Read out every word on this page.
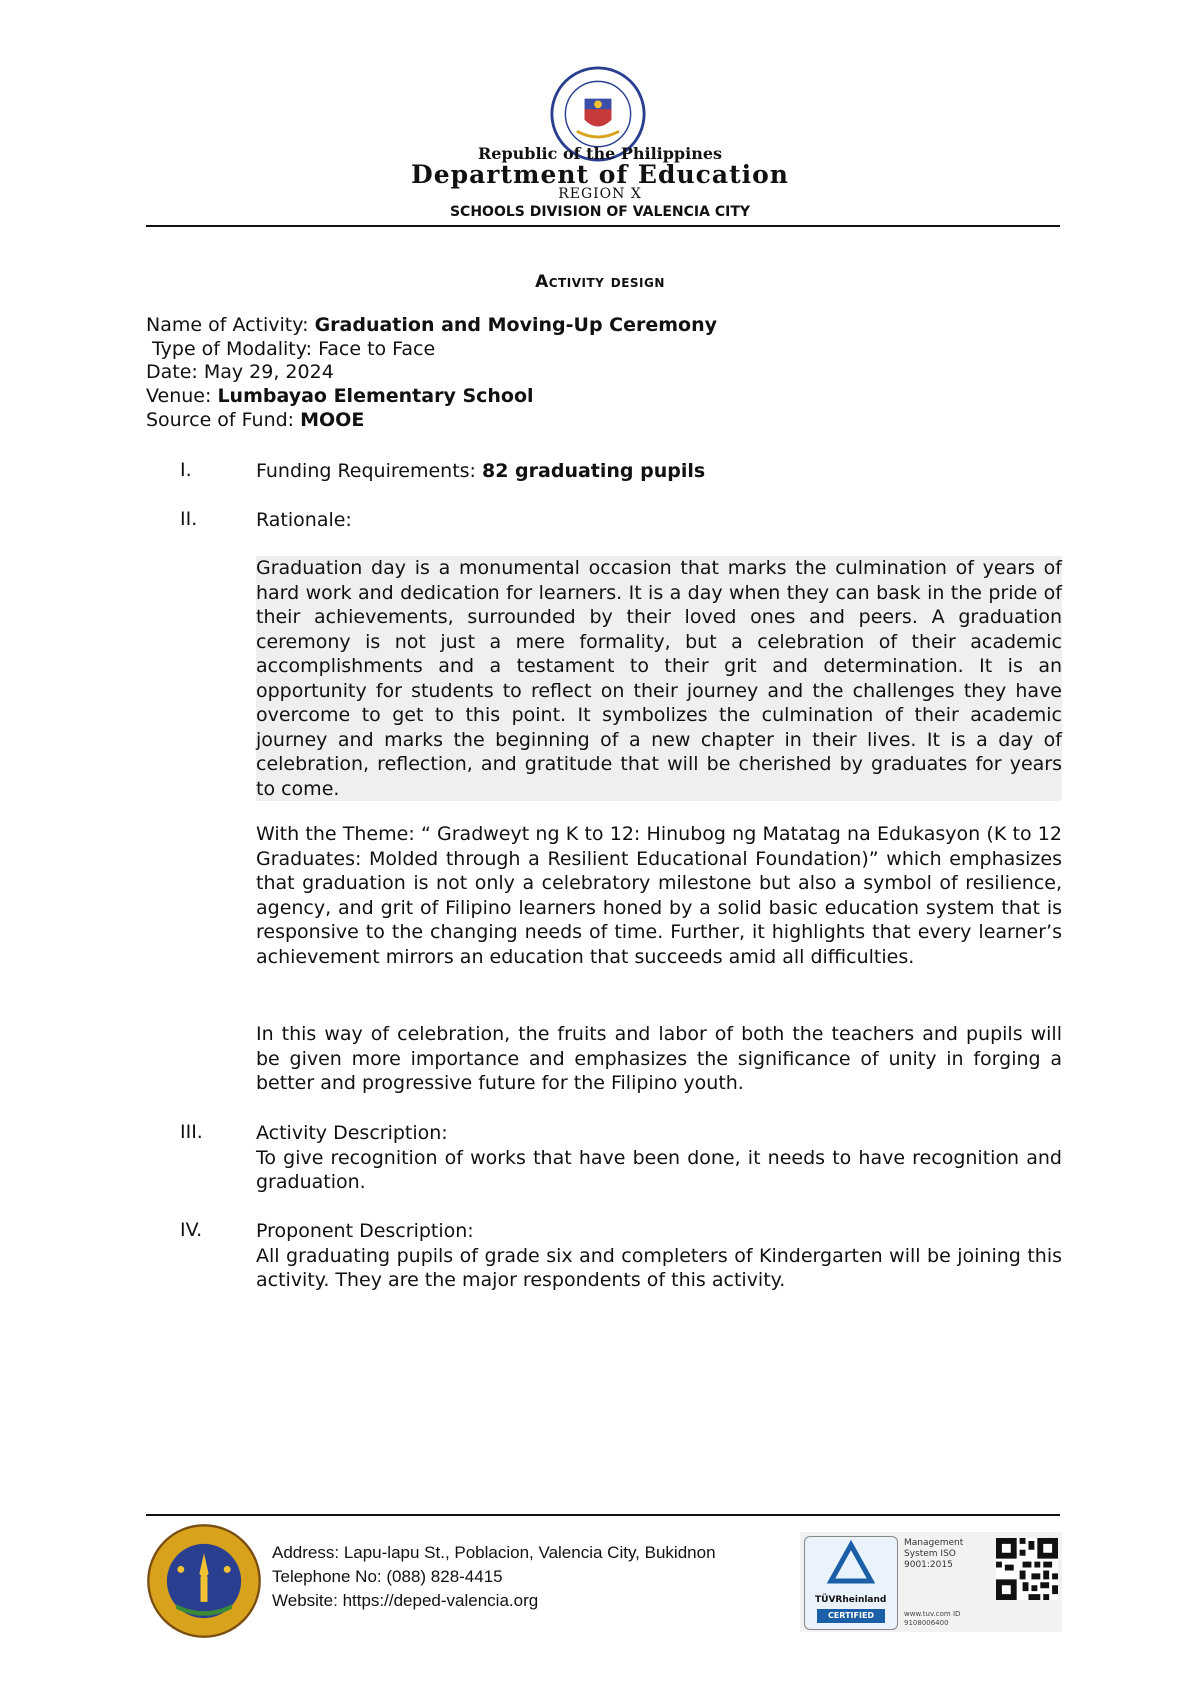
Republic of the Philippines
Department of Education
REGION X
SCHOOLS DIVISION OF VALENCIA CITY
Activity design
Name of Activity: Graduation and Moving-Up Ceremony
Type of Modality: Face to Face
Date: May 29, 2024
Venue: Lumbayao Elementary School
Source of Fund: MOOE
I.	Funding Requirements: 82 graduating pupils
II.	Rationale:
Graduation day is a monumental occasion that marks the culmination of years of hard work and dedication for learners. It is a day when they can bask in the pride of their achievements, surrounded by their loved ones and peers. A graduation ceremony is not just a mere formality, but a celebration of their academic accomplishments and a testament to their grit and determination. It is an opportunity for students to reflect on their journey and the challenges they have overcome to get to this point. It symbolizes the culmination of their academic journey and marks the beginning of a new chapter in their lives. It is a day of celebration, reflection, and gratitude that will be cherished by graduates for years to come.
With the Theme: “ Gradweyt ng K to 12: Hinubog ng Matatag na Edukasyon (K to 12 Graduates: Molded through a Resilient Educational Foundation)” which emphasizes that graduation is not only a celebratory milestone but also a symbol of resilience, agency, and grit of Filipino learners honed by a solid basic education system that is responsive to the changing needs of time. Further, it highlights that every learner’s achievement mirrors an education that succeeds amid all difficulties.
In this way of celebration, the fruits and labor of both the teachers and pupils will be given more importance and emphasizes the significance of unity in forging a better and progressive future for the Filipino youth.
III.	Activity Description:
To give recognition of works that have been done, it needs to have recognition and graduation.
IV.	Proponent Description:
All graduating pupils of grade six and completers of Kindergarten will be joining this activity. They are the major respondents of this activity.
Address: Lapu-lapu St., Poblacion, Valencia City, Bukidnon
Telephone No: (088) 828-4415
Website: https://deped-valencia.org	TÜVRheinland
CERTIFIED
Management System ISO 9001:2015
www.tuv.com ID 9108006400
